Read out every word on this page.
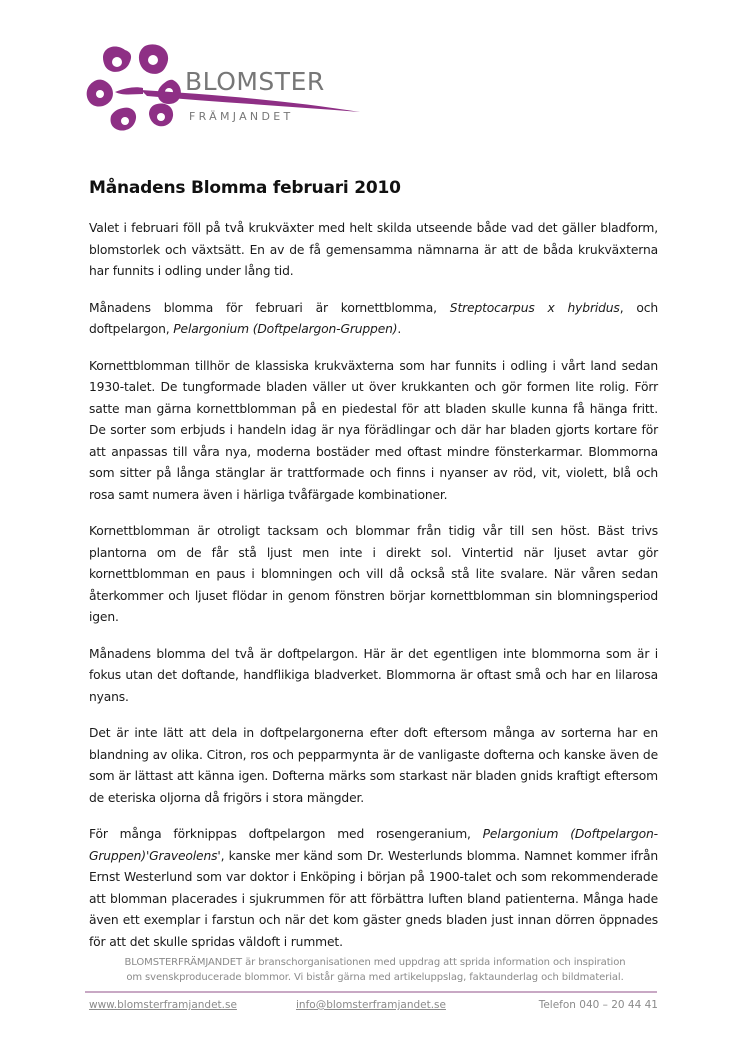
BLOMSTER
FRÄMJANDET
Månadens Blomma februari 2010

Valet i februari föll på två krukväxter med helt skilda utseende både vad det gäller bladform, blomstorlek och växtsätt. En av de få gemensamma nämnarna är att de båda krukväxterna har funnits i odling under lång tid.

Månadens blomma för februari är kornettblomma, Streptocarpus x hybridus, och doftpelargon, Pelargonium (Doftpelargon-Gruppen).

Kornettblomman tillhör de klassiska krukväxterna som har funnits i odling i vårt land sedan 1930-talet. De tungformade bladen väller ut över krukkanten och gör formen lite rolig. Förr satte man gärna kornettblomman på en piedestal för att bladen skulle kunna få hänga fritt. De sorter som erbjuds i handeln idag är nya förädlingar och där har bladen gjorts kortare för att anpassas till våra nya, moderna bostäder med oftast mindre fönsterkarmar. Blommorna som sitter på långa stänglar är trattformade och finns i nyanser av röd, vit, violett, blå och rosa samt numera även i härliga tvåfärgade kombinationer.

Kornettblomman är otroligt tacksam och blommar från tidig vår till sen höst. Bäst trivs plantorna om de får stå ljust men inte i direkt sol. Vintertid när ljuset avtar gör kornettblomman en paus i blomningen och vill då också stå lite svalare. När våren sedan återkommer och ljuset flödar in genom fönstren börjar kornettblomman sin blomningsperiod igen.

Månadens blomma del två är doftpelargon. Här är det egentligen inte blommorna som är i fokus utan det doftande, handflikiga bladverket. Blommorna är oftast små och har en lilarosa nyans.

Det är inte lätt att dela in doftpelargonerna efter doft eftersom många av sorterna har en blandning av olika. Citron, ros och pepparmynta är de vanligaste dofterna och kanske även de som är lättast att känna igen. Dofterna märks som starkast när bladen gnids kraftigt eftersom de eteriska oljorna då frigörs i stora mängder.

För många förknippas doftpelargon med rosengeranium, Pelargonium (Doftpelargon-Gruppen)'Graveolens', kanske mer känd som Dr. Westerlunds blomma. Namnet kommer ifrån Ernst Westerlund som var doktor i Enköping i början på 1900-talet och som rekommenderade att blomman placerades i sjukrummen för att förbättra luften bland patienterna. Många hade även ett exemplar i farstun och när det kom gäster gneds bladen just innan dörren öppnades för att det skulle spridas väldoft i rummet.

BLOMSTERFRÄMJANDET är branschorganisationen med uppdrag att sprida information och inspiration
om svenskproducerade blommor. Vi bistår gärna med artikeluppslag, faktaunderlag och bildmaterial.
www.blomsterframjandet.se	info@blomsterframjandet.se	Telefon 040 – 20 44 41
